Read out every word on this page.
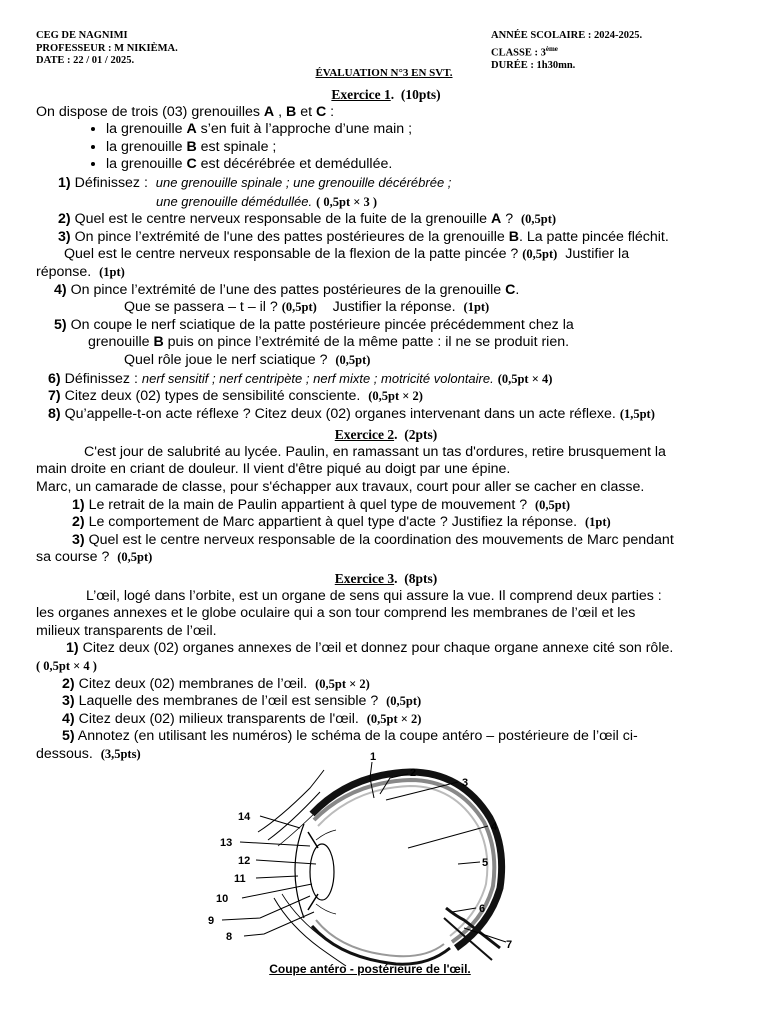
CEG DE NAGNIMI
PROFESSEUR : M NIKIÈMA.
DATE : 22 / 01 / 2025.
ANNÉE SCOLAIRE : 2024-2025.
CLASSE : 3ème
DURÉE : 1h30mn.
ÉVALUATION N°3 EN SVT.
Exercice 1.  (10pts)
On dispose de trois (03) grenouilles A , B et C :
• la grenouille A s’en fuit à l’approche d’une main ;
• la grenouille B est spinale ;
• la grenouille C est décérébrée et demédullée.
1) Définissez : une grenouille spinale ; une grenouille décérébrée ;
une grenouille démédullée. ( 0,5pt × 3 )
2) Quel est le centre nerveux responsable de la fuite de la grenouille A ? (0,5pt)
3) On pince l’extrémité de l'une des pattes postérieures de la grenouille B. La patte pincée fléchit.
Quel est le centre nerveux responsable de la flexion de la patte pincée ? (0,5pt) Justifier la
réponse. (1pt)
4) On pince l’extrémité de l’une des pattes postérieures de la grenouille C.
Que se passera – t – il ? (0,5pt) Justifier la réponse. (1pt)
5) On coupe le nerf sciatique de la patte postérieure pincée précédemment chez la
grenouille B puis on pince l’extrémité de la même patte : il ne se produit rien.
Quel rôle joue le nerf sciatique ? (0,5pt)
6) Définissez : nerf sensitif ; nerf centripète ; nerf mixte ; motricité volontaire. (0,5pt × 4)
7) Citez deux (02) types de sensibilité consciente. (0,5pt × 2)
8) Qu’appelle-t-on acte réflexe ? Citez deux (02) organes intervenant dans un acte réflexe. (1,5pt)
Exercice 2.  (2pts)
C'est jour de salubrité au lycée. Paulin, en ramassant un tas d'ordures, retire brusquement la
main droite en criant de douleur. Il vient d'être piqué au doigt par une épine.
Marc, un camarade de classe, pour s'échapper aux travaux, court pour aller se cacher en classe.
1) Le retrait de la main de Paulin appartient à quel type de mouvement ? (0,5pt)
2) Le comportement de Marc appartient à quel type d'acte ? Justifiez la réponse. (1pt)
3) Quel est le centre nerveux responsable de la coordination des mouvements de Marc pendant
sa course ? (0,5pt)
Exercice 3.  (8pts)
L’œil, logé dans l’orbite, est un organe de sens qui assure la vue. Il comprend deux parties :
les organes annexes et le globe oculaire qui a son tour comprend les membranes de l’œil et les
milieux transparents de l’œil.
1) Citez deux (02) organes annexes de l’œil et donnez pour chaque organe annexe cité son rôle.
( 0,5pt × 4 )
2) Citez deux (02) membranes de l’œil. (0,5pt × 2)
3) Laquelle des membranes de l’œil est sensible ? (0,5pt)
4) Citez deux (02) milieux transparents de l'œil. (0,5pt × 2)
5) Annotez (en utilisant les numéros) le schéma de la coupe antéro – postérieure de l’œil ci-
dessous. (3,5pts)	1
2
3
4
5
6
7
8
9
10
11
12
13
14
Coupe antéro - postérieure de l'œil.
